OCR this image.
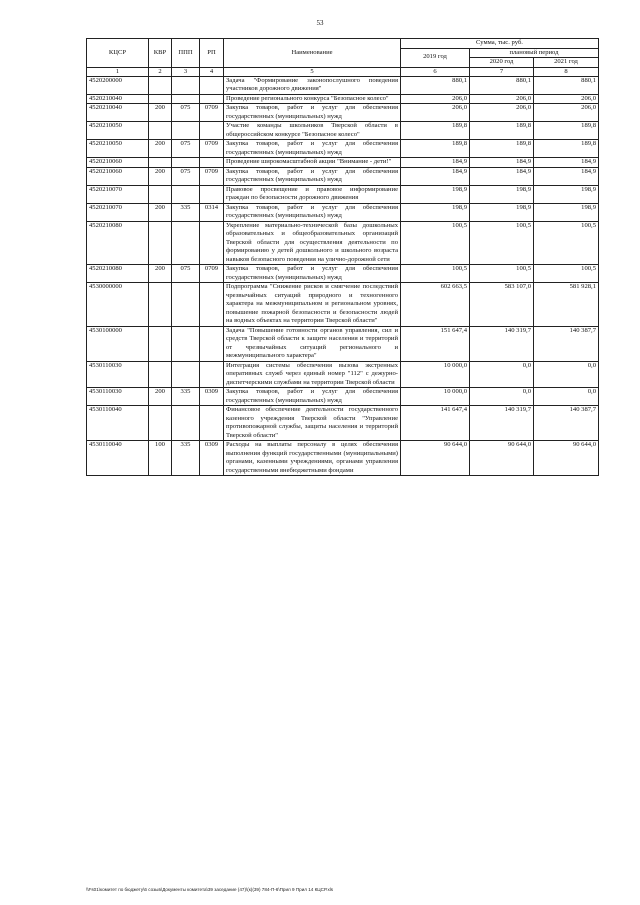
53
КЦСР	КВР	ППП	РП	Наименование	Сумма, тыс. руб.		
					2019 год	плановый период	
						2020 год	2021 год
1	2	3	4	5	6	7	8
4520200000				Задача "Формирование законопослушного поведения участников дорожного движения"	880,1	880,1	880,1
4520210040				Проведение регионального конкурса "Безопасное колесо"	206,0	206,0	206,0
4520210040	200	075	0709	Закупка товаров, работ и услуг для обеспечения государственных (муниципальных) нужд	206,0	206,0	206,0
4520210050				Участие команды школьников Тверской области в общероссийском конкурсе "Безопасное колесо"	189,8	189,8	189,8
4520210050	200	075	0709	Закупка товаров, работ и услуг для обеспечения государственных (муниципальных) нужд	189,8	189,8	189,8
4520210060				Проведение широкомасштабной акции "Внимание - дети!"	184,9	184,9	184,9
4520210060	200	075	0709	Закупка товаров, работ и услуг для обеспечения государственных (муниципальных) нужд	184,9	184,9	184,9
4520210070				Правовое просвещение и правовое информирование граждан по безопасности дорожного движения	198,9	198,9	198,9
4520210070	200	335	0314	Закупка товаров, работ и услуг для обеспечения государственных (муниципальных) нужд	198,9	198,9	198,9
4520210080				Укрепление материально-технической базы дошкольных образовательных и общеобразовательных организаций Тверской области для осуществления деятельности по формированию у детей дошкольного и школьного возраста навыков безопасного поведения на улично-дорожной сети	100,5	100,5	100,5
4520210080	200	075	0709	Закупка товаров, работ и услуг для обеспечения государственных (муниципальных) нужд	100,5	100,5	100,5
4530000000				Подпрограмма "Снижение рисков и смягчение последствий чрезвычайных ситуаций природного и техногенного характера на межмуниципальном и региональном уровнях, повышение пожарной безопасности и безопасности людей на водных объектах на территории Тверской области"	602 663,5	583 107,0	581 928,1
4530100000				Задача "Повышение готовности органов управления, сил и средств Тверской области к защите населения и территорий от чрезвычайных ситуаций регионального и межмуниципального характера"	151 647,4	140 319,7	140 387,7
4530110030				Интеграция системы обеспечения вызова экстренных оперативных служб через единый номер "112" с дежурно-диспетчерскими службами на территории Тверской области	10 000,0	0,0	0,0
4530110030	200	335	0309	Закупка товаров, работ и услуг для обеспечения государственных (муниципальных) нужд	10 000,0	0,0	0,0
4530110040				Финансовое обеспечение деятельности государственного казенного учреждения Тверской области "Управление противопожарной службы, защиты населения и территорий Тверской области"	141 647,4	140 319,7	140 387,7
4530110040	100	335	0309	Расходы на выплаты персоналу в целях обеспечения выполнения функций государственными (муниципальными) органами, казенными учреждениями, органами управления государственными внебюджетными фондами	90 644,0	90 644,0	90 644,0
\\Fs01\комитет по бюджету\6 созыв\Документы комитета\39 заседание (47)\(к)(39) 784-П-6\Прил 9 Прил 14 КЦСР.xls
